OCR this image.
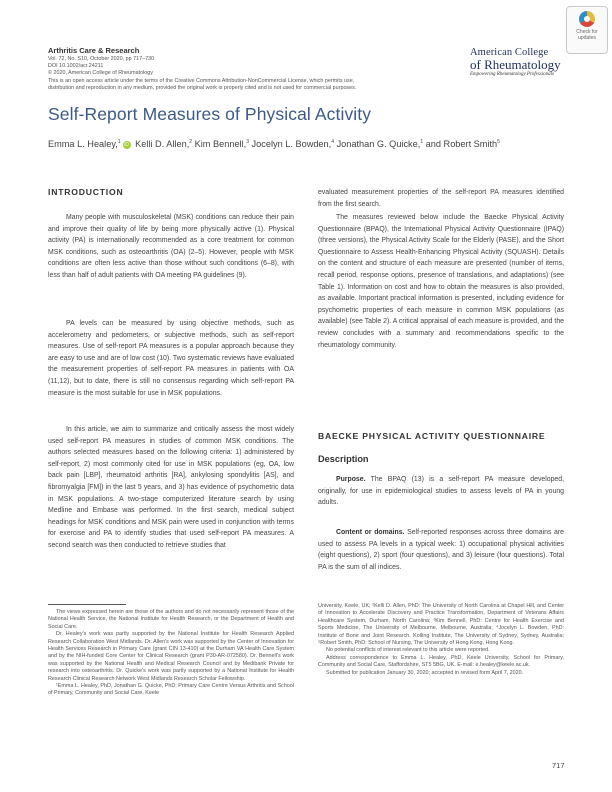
Arthritis Care & Research
Vol. 72, No. S10, October 2020, pp 717–730
DOI 10.1002/acr.24211
© 2020, American College of Rheumatology
This is an open access article under the terms of the Creative Commons Attribution-NonCommercial License, which permits use,
distribution and reproduction in any medium, provided the original work is properly cited and is not used for commercial purposes.
American College
of Rheumatology
Empowering Rheumatology Professionals
Check for
updates
Self-Report Measures of Physical Activity
Emma L. Healey,$^1$iD Kelli D. Allen,$^2$ Kim Bennell,$^3$ Jocelyn L. Bowden,$^4$ Jonathan G. Quicke,$^1$ and Robert Smith$^5$
INTRODUCTION

Many people with musculoskeletal (MSK) conditions can reduce their pain and improve their quality of life by being more physically active (1). Physical activity (PA) is internationally recommended as a core treatment for common MSK conditions, such as osteoarthritis (OA) (2–5). However, people with MSK conditions are often less active than those without such conditions (6–8), with less than half of adult patients with OA meeting PA guidelines (9).

PA levels can be measured by using objective methods, such as accelerometry and pedometers, or subjective methods, such as self-report measures. Use of self-report PA measures is a popular approach because they are easy to use and are of low cost (10). Two systematic reviews have evaluated the measurement properties of self-report PA measures in patients with OA (11,12), but to date, there is still no consensus regarding which self-report PA measure is the most suitable for use in MSK populations.

In this article, we aim to summarize and critically assess the most widely used self-report PA measures in studies of common MSK conditions. The authors selected measures based on the following criteria: 1) administered by self-report, 2) most commonly cited for use in MSK populations (eg, OA, low back pain [LBP], rheumatoid arthritis [RA], ankylosing spondylitis [AS], and fibromyalgia [FM]) in the last 5 years, and 3) has evidence of psychometric data in MSK populations. A two-stage computerized literature search by using Medline and Embase was performed. In the first search, medical subject headings for MSK conditions and MSK pain were used in conjunction with terms for exercise and PA to identify studies that used self-report PA measures. A second search was then conducted to retrieve studies that

The views expressed herein are those of the authors and do not necessarily represent those of the National Health Service, the National Institute for Health Research, or the Department of Health and Social Care.

Dr. Healey's work was partly supported by the National Institute for Health Research Applied Research Collaboration West Midlands. Dr. Allen's work was supported by the Center of Innovation for Health Services Research in Primary Care (grant CIN 13-410) at the Durham VA Health Care System and by the NIH-funded Core Center for Clinical Research (grant P30-AR-072580). Dr. Bennell's work was supported by the National Health and Medical Research Council and by Medibank Private for research into osteoarthritis. Dr. Quicke's work was partly supported by a National Institute for Health Research Clinical Research Network West Midlands Research Scholar Fellowship.

¹Emma L. Healey, PhD, Jonathan G. Quicke, PhD: Primary Care Centre Versus Arthritis and School of Primary, Community and Social Care, Keele

evaluated measurement properties of the self-report PA measures identified from the first search.

The measures reviewed below include the Baecke Physical Activity Questionnaire (BPAQ), the International Physical Activity Questionnaire (IPAQ) (three versions), the Physical Activity Scale for the Elderly (PASE), and the Short Questionnaire to Assess Health-Enhancing Physical Activity (SQUASH). Details on the content and structure of each measure are presented (number of items, recall period, response options, presence of translations, and adaptations) (see Table 1). Information on cost and how to obtain the measures is also provided, as available. Important practical information is presented, including evidence for psychometric properties of each measure in common MSK populations (as available) (see Table 2). A critical appraisal of each measure is provided, and the review concludes with a summary and recommendations specific to the rheumatology community.

BAECKE PHYSICAL ACTIVITY QUESTIONNAIRE
Description

Purpose. The BPAQ (13) is a self-report PA measure developed, originally, for use in epidemiological studies to assess levels of PA in young adults.

Content or domains. Self-reported responses across three domains are used to assess PA levels in a typical week: 1) occupational physical activities (eight questions), 2) sport (four questions), and 3) leisure (four questions). Total PA is the sum of all indices.

University, Keele, UK; ²Kelli D. Allen, PhD: The University of North Carolina at Chapel Hill, and Center of Innovation to Accelerate Discovery and Practice Transformation, Department of Veterans Affairs Healthcare System, Durham, North Carolina; ³Kim Bennell, PhD: Centre for Health Exercise and Sports Medicine, The University of Melbourne, Melbourne, Australia; ⁴Jocelyn L. Bowden, PhD: Institute of Bone and Joint Research, Kolling Institute, The University of Sydney, Sydney, Australia; ⁵Robert Smith, PhD: School of Nursing, The University of Hong Kong, Hong Kong.

No potential conflicts of interest relevant to this article were reported.

Address correspondence to Emma L. Healey, PhD, Keele University, School for Primary, Community and Social Care, Staffordshire, ST5 5BG, UK. E-mail: e.healey@keele.ac.uk.

Submitted for publication January 30, 2020; accepted in revised form April 7, 2020.

717
